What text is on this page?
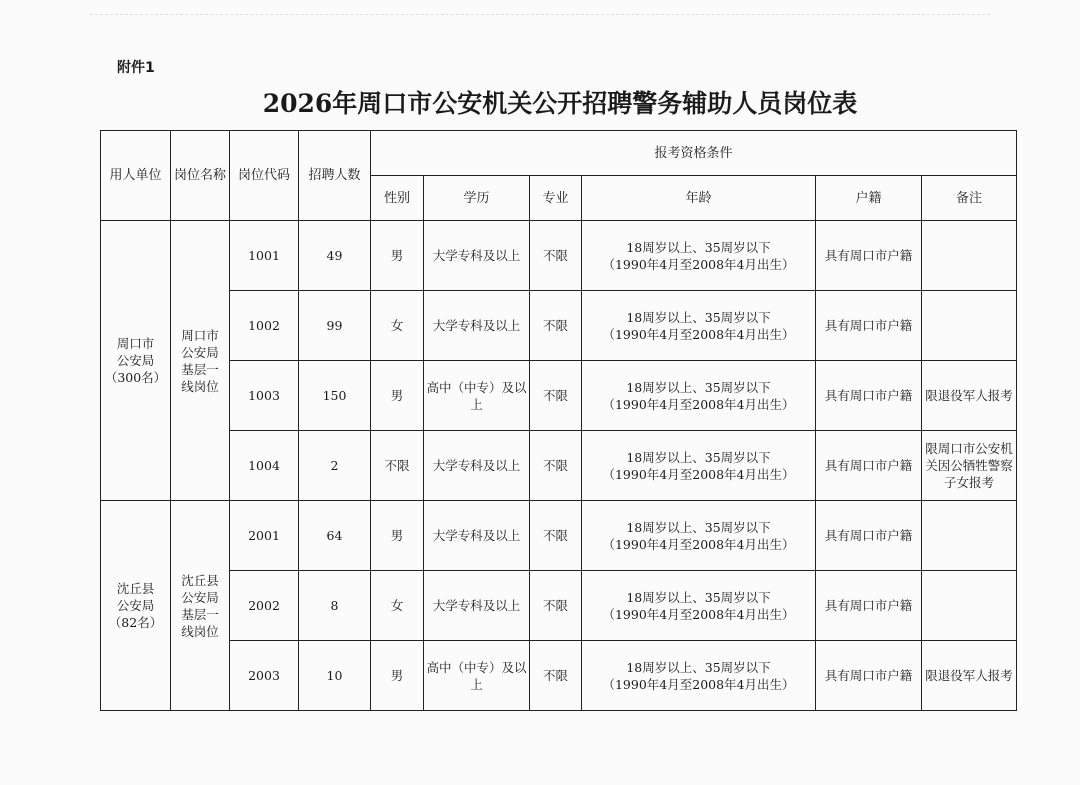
附件1
2026年周口市公安机关公开招聘警务辅助人员岗位表
用人单位	岗位名称	岗位代码	招聘人数	报考资格条件					
				性别	学历	专业	年龄	户籍	备注
周口市
公安局
（300名）	周口市
公安局
基层一
线岗位	1001	49	男	大学专科及以上	不限	18周岁以上、35周岁以下
（1990年4月至2008年4月出生）	具有周口市户籍	
		1002	99	女	大学专科及以上	不限	18周岁以上、35周岁以下
（1990年4月至2008年4月出生）	具有周口市户籍	
		1003	150	男	高中（中专）及以
上	不限	18周岁以上、35周岁以下
（1990年4月至2008年4月出生）	具有周口市户籍	限退役军人报考
		1004	2	不限	大学专科及以上	不限	18周岁以上、35周岁以下
（1990年4月至2008年4月出生）	具有周口市户籍	限周口市公安机
关因公牺牲警察
子女报考
沈丘县
公安局
（82名）	沈丘县
公安局
基层一
线岗位	2001	64	男	大学专科及以上	不限	18周岁以上、35周岁以下
（1990年4月至2008年4月出生）	具有周口市户籍	
		2002	8	女	大学专科及以上	不限	18周岁以上、35周岁以下
（1990年4月至2008年4月出生）	具有周口市户籍	
		2003	10	男	高中（中专）及以
上	不限	18周岁以上、35周岁以下
（1990年4月至2008年4月出生）	具有周口市户籍	限退役军人报考
